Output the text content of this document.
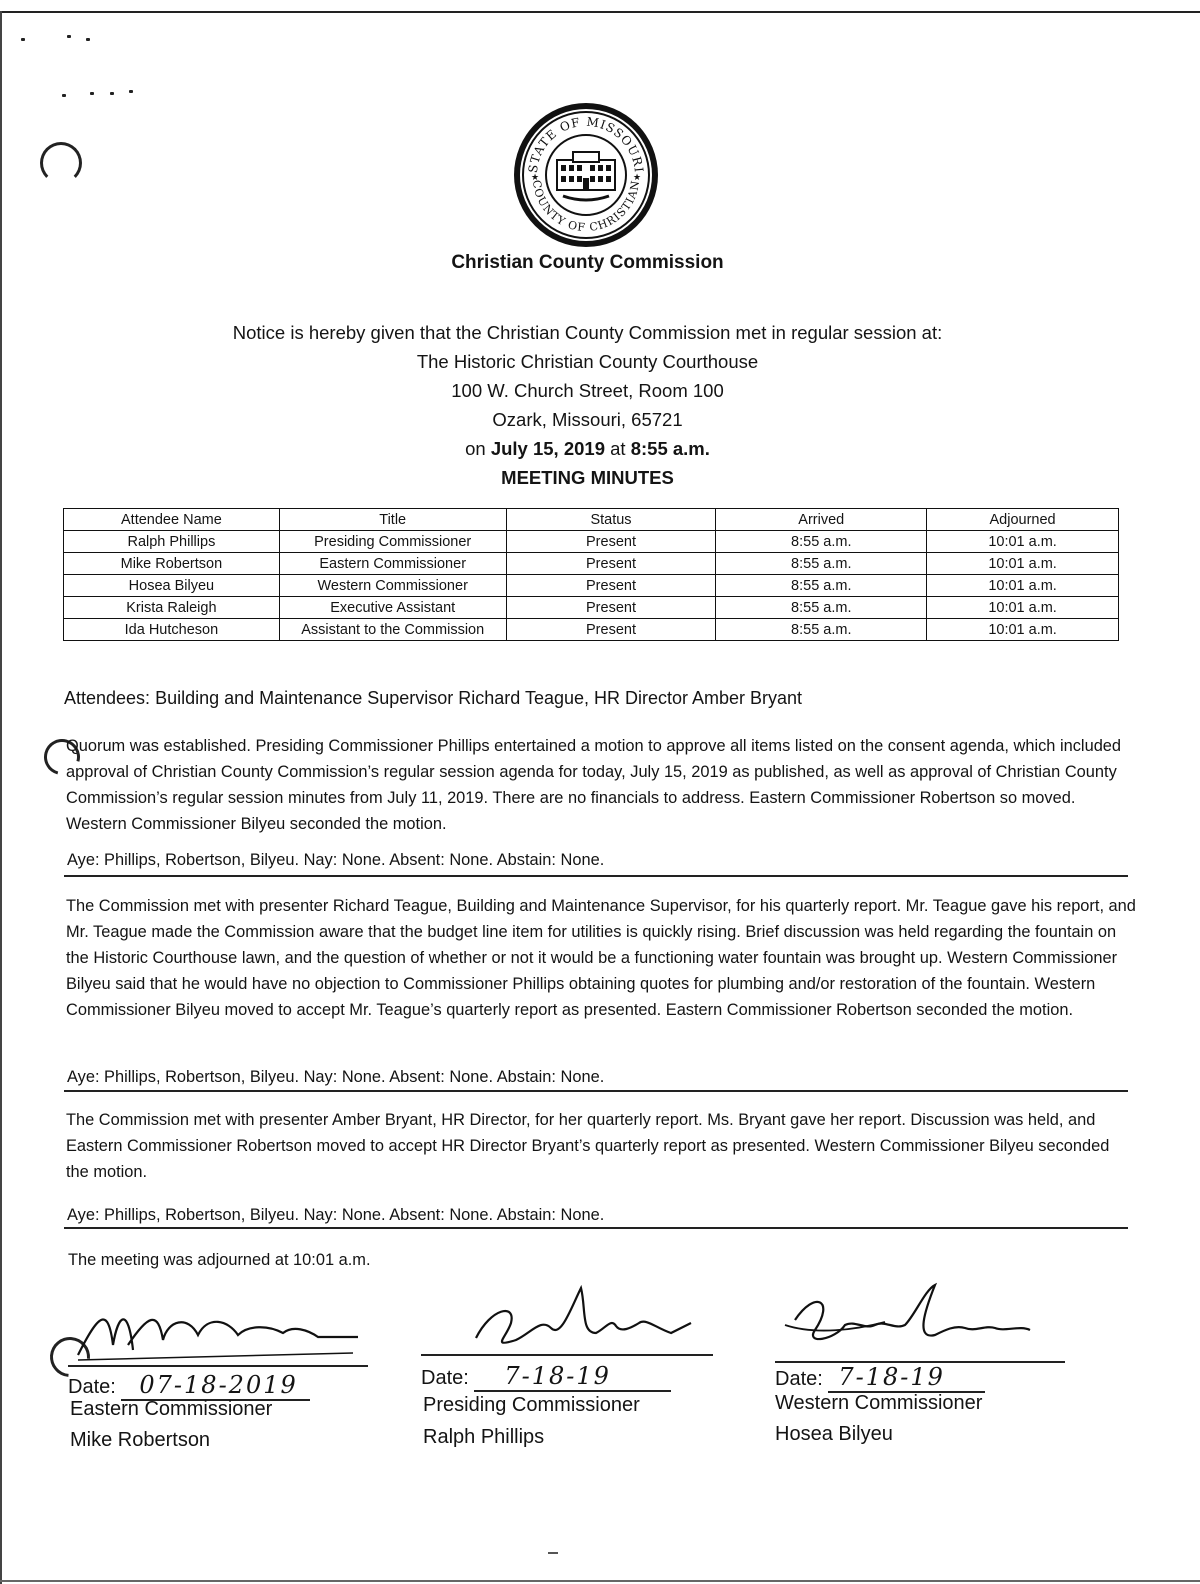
STATE OF MISSOURI
COUNTY OF CHRISTIAN
★	★
Christian County Commission
Notice is hereby given that the Christian County Commission met in regular session at:
The Historic Christian County Courthouse
100 W. Church Street, Room 100
Ozark, Missouri, 65721
on July 15, 2019 at 8:55 a.m.
MEETING MINUTES
Attendee Name	Title	Status	Arrived	Adjourned
Ralph Phillips	Presiding Commissioner	Present	8:55 a.m.	10:01 a.m.
Mike Robertson	Eastern Commissioner	Present	8:55 a.m.	10:01 a.m.
Hosea Bilyeu	Western Commissioner	Present	8:55 a.m.	10:01 a.m.
Krista Raleigh	Executive Assistant	Present	8:55 a.m.	10:01 a.m.
Ida Hutcheson	Assistant to the Commission	Present	8:55 a.m.	10:01 a.m.
Attendees: Building and Maintenance Supervisor Richard Teague, HR Director Amber Bryant
Quorum was established. Presiding Commissioner Phillips entertained a motion to approve all items listed on the consent agenda, which included approval of Christian County Commission’s regular session agenda for today, July 15, 2019 as published, as well as approval of Christian County Commission’s regular session minutes from July 11, 2019. There are no financials to address. Eastern Commissioner Robertson so moved. Western Commissioner Bilyeu seconded the motion.
Aye: Phillips, Robertson, Bilyeu. Nay: None. Absent: None. Abstain: None.
The Commission met with presenter Richard Teague, Building and Maintenance Supervisor, for his quarterly report. Mr. Teague gave his report, and Mr. Teague made the Commission aware that the budget line item for utilities is quickly rising. Brief discussion was held regarding the fountain on the Historic Courthouse lawn, and the question of whether or not it would be a functioning water fountain was brought up. Western Commissioner Bilyeu said that he would have no objection to Commissioner Phillips obtaining quotes for plumbing and/or restoration of the fountain. Western Commissioner Bilyeu moved to accept Mr. Teague’s quarterly report as presented. Eastern Commissioner Robertson seconded the motion.
Aye: Phillips, Robertson, Bilyeu. Nay: None. Absent: None. Abstain: None.
The Commission met with presenter Amber Bryant, HR Director, for her quarterly report. Ms. Bryant gave her report. Discussion was held, and Eastern Commissioner Robertson moved to accept HR Director Bryant’s quarterly report as presented. Western Commissioner Bilyeu seconded the motion.
Aye: Phillips, Robertson, Bilyeu. Nay: None. Absent: None. Abstain: None.
The meeting was adjourned at 10:01 a.m.
Date: 07-18-2019
Eastern Commissioner
Mike Robertson
Date: 7-18-19
Presiding Commissioner
Ralph Phillips
Date: 7-18-19
Western Commissioner
Hosea Bilyeu
